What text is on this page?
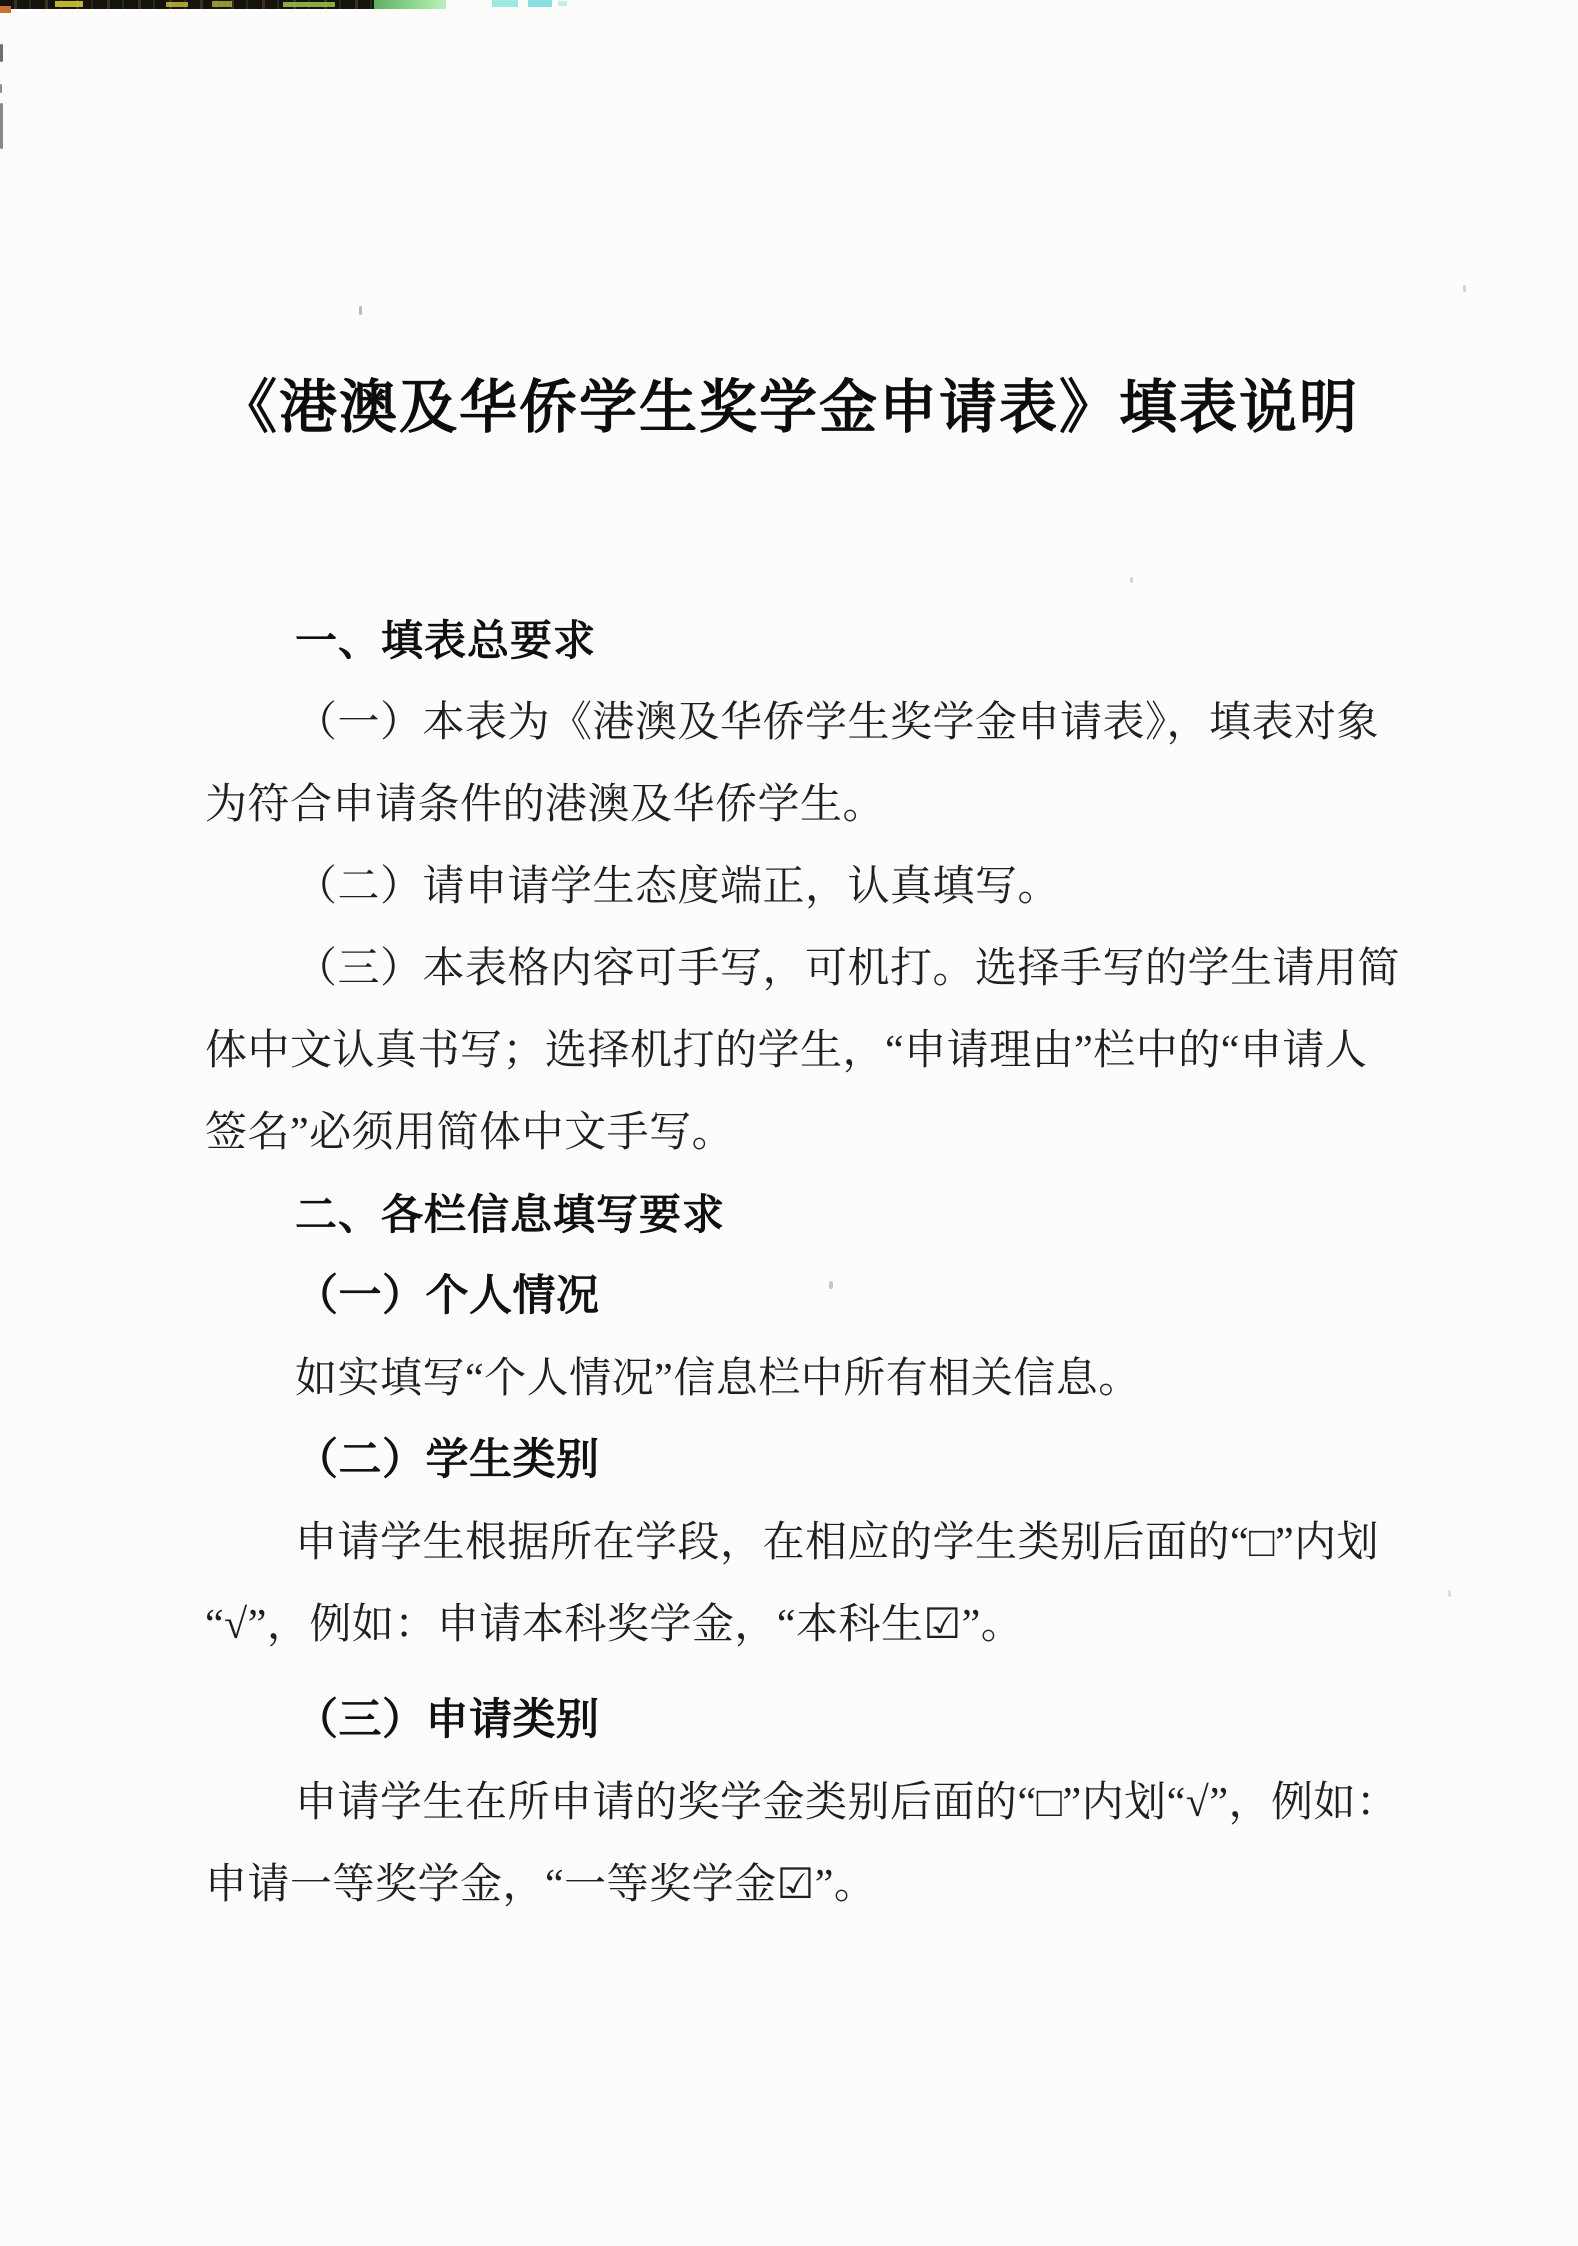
《港澳及华侨学生奖学金申请表》填表说明
一、填表总要求
（一）本表为《港澳及华侨学生奖学金申请表》，填表对象
为符合申请条件的港澳及华侨学生。
（二）请申请学生态度端正，认真填写。
（三）本表格内容可手写，可机打。选择手写的学生请用简
体中文认真书写；选择机打的学生，“申请理由”栏中的“申请人
签名”必须用简体中文手写。
二、各栏信息填写要求
（一）个人情况
如实填写“个人情况”信息栏中所有相关信息。
（二）学生类别
申请学生根据所在学段，在相应的学生类别后面的“□”内划
“√”，例如：申请本科奖学金，“本科生☑”。
（三）申请类别
申请学生在所申请的奖学金类别后面的“□”内划“√”，例如：
申请一等奖学金，“一等奖学金☑”。
